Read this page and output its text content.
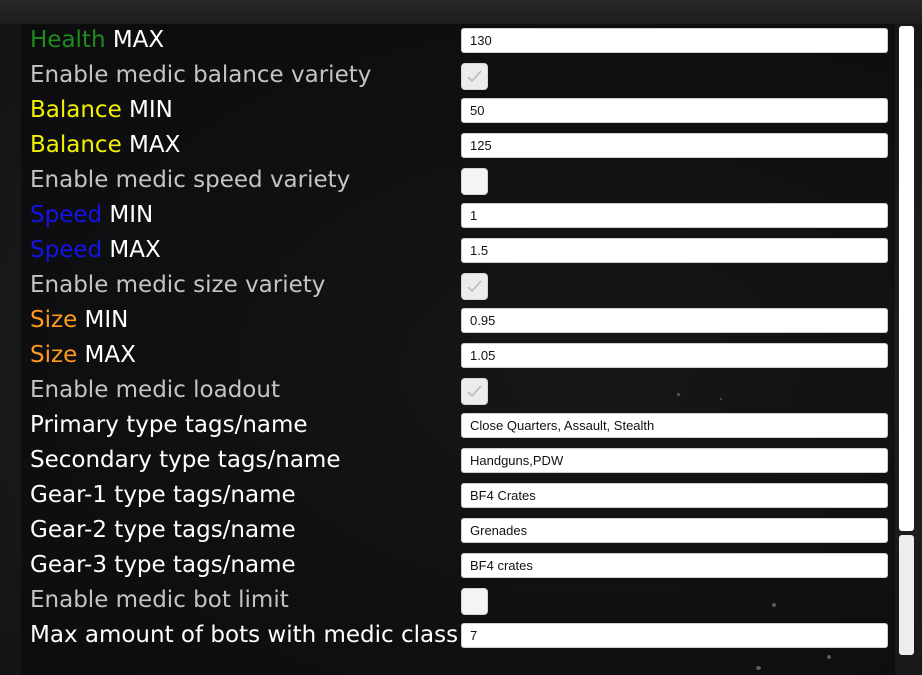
Health MAX
130
Enable medic balance variety
Balance MIN
50
Balance MAX
125
Enable medic speed variety
Speed MIN
1
Speed MAX
1.5
Enable medic size variety
Size MIN
0.95
Size MAX
1.05
Enable medic loadout
Primary type tags/name
Close Quarters, Assault, Stealth
Secondary type tags/name
Handguns,PDW
Gear-1 type tags/name
BF4 Crates
Gear-2 type tags/name
Grenades
Gear-3 type tags/name
BF4 crates
Enable medic bot limit
Max amount of bots with medic class
7
